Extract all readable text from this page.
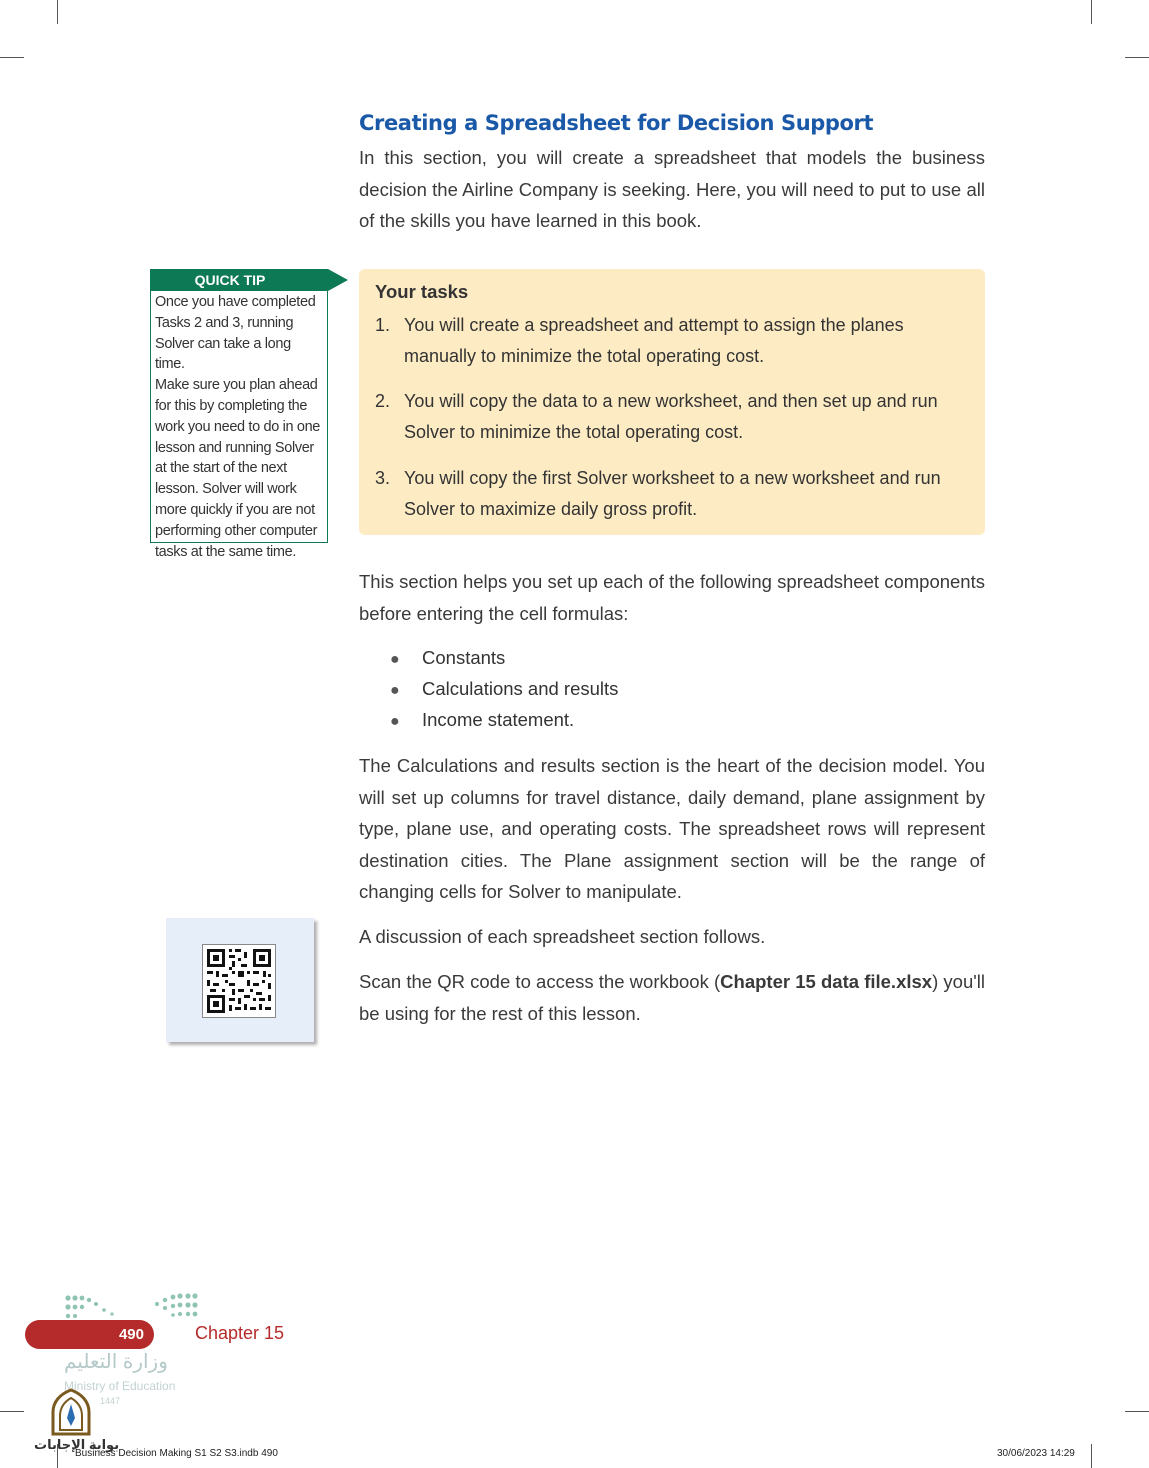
Creating a Spreadsheet for Decision Support

In this section, you will create a spreadsheet that models the business decision the Airline Company is seeking. Here, you will need to put to use all of the skills you have learned in this book.

QUICK TIP
Once you have completed
Tasks 2 and 3, running
Solver can take a long time.
Make sure you plan ahead
for this by completing the
work you need to do in one
lesson and running Solver
at the start of the next
lesson. Solver will work
more quickly if you are not
performing other computer
tasks at the same time.
Your tasks
1. You will create a spreadsheet and attempt to assign the planes manually to minimize the total operating cost.
2. You will copy the data to a new worksheet, and then set up and run Solver to minimize the total operating cost.
3. You will copy the first Solver worksheet to a new worksheet and run Solver to maximize daily gross profit.

This section helps you set up each of the following spreadsheet components before entering the cell formulas:

● Constants
● Calculations and results
● Income statement.

The Calculations and results section is the heart of the decision model. You will set up columns for travel distance, daily demand, plane assignment by type, plane use, and operating costs. The spreadsheet rows will represent destination cities. The Plane assignment section will be the range of changing cells for Solver to manipulate.

A discussion of each spreadsheet section follows.

Scan the QR code to access the workbook (Chapter 15 data file.xlsx) you'll be using for the rest of this lesson.

490	Chapter 15
وزارة التعليم
Ministry of Education
1447
بوابة الإجابات
Business Decision Making S1 S2 S3.indb 490	30/06/2023 14:29
